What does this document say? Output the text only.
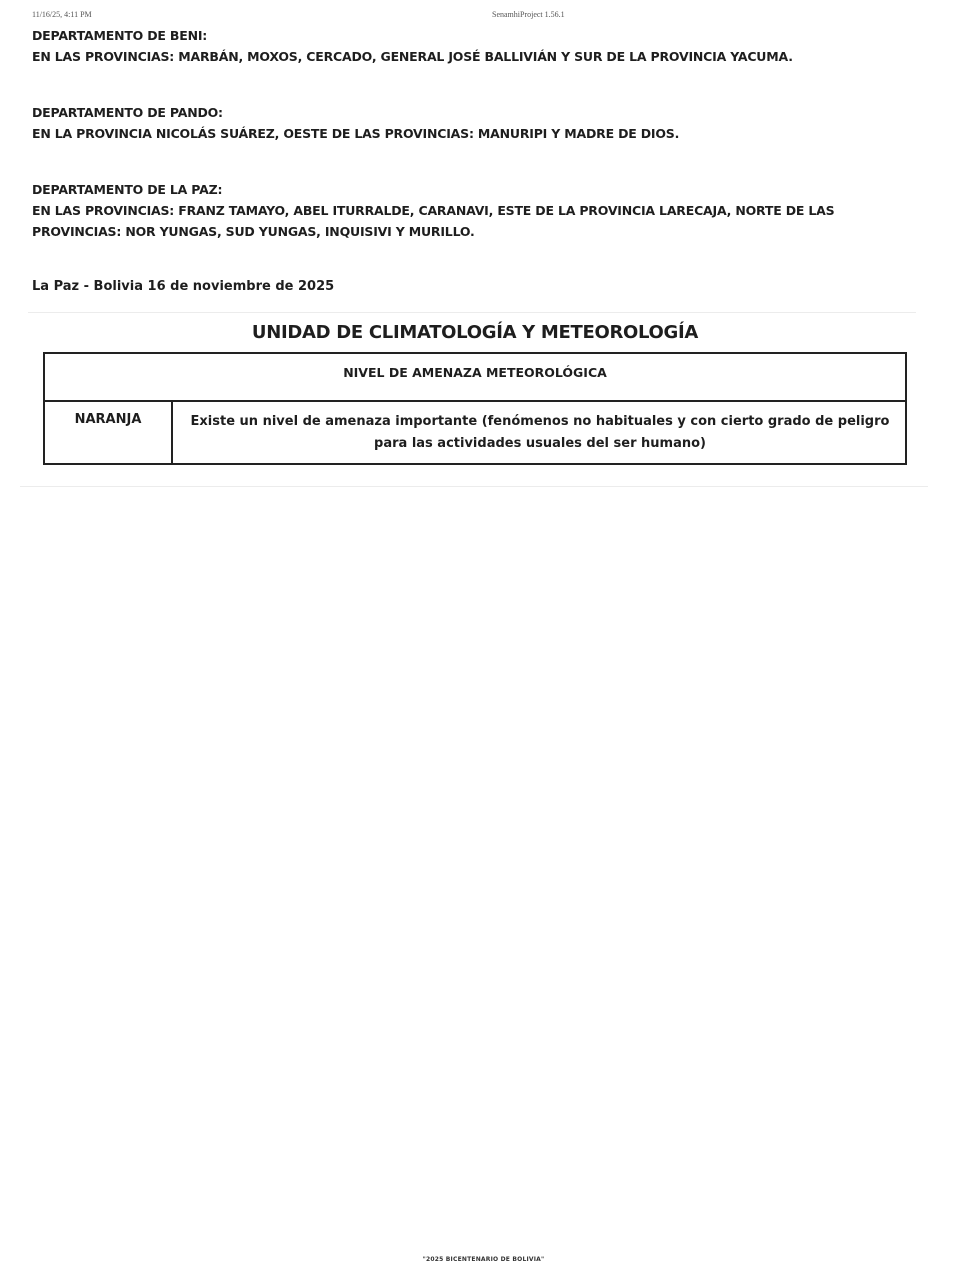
11/16/25, 4:11 PM	SenamhiProject 1.56.1
DEPARTAMENTO DE BENI:
EN LAS PROVINCIAS: MARBÁN, MOXOS, CERCADO, GENERAL JOSÉ BALLIVIÁN Y SUR DE LA PROVINCIA YACUMA.
DEPARTAMENTO DE PANDO:
EN LA PROVINCIA NICOLÁS SUÁREZ, OESTE DE LAS PROVINCIAS: MANURIPI Y MADRE DE DIOS.
DEPARTAMENTO DE LA PAZ:
EN LAS PROVINCIAS: FRANZ TAMAYO, ABEL ITURRALDE, CARANAVI, ESTE DE LA PROVINCIA LARECAJA, NORTE DE LAS PROVINCIAS: NOR YUNGAS, SUD YUNGAS, INQUISIVI Y MURILLO.
La Paz - Bolivia 16 de noviembre de 2025
UNIDAD DE CLIMATOLOGÍA Y METEOROLOGÍA
NIVEL DE AMENAZA METEOROLÓGICA
NARANJA	Existe un nivel de amenaza importante (fenómenos no habituales y con cierto grado de peligro para las actividades usuales del ser humano)
"2025 BICENTENARIO DE BOLIVIA"
